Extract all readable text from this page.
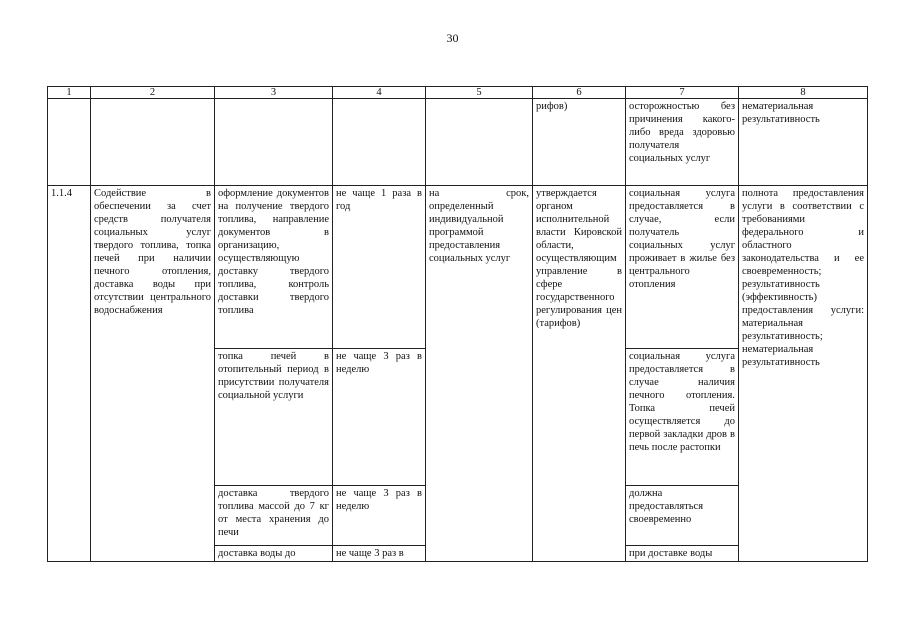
30
1	2	3	4	5	6	7	8
					рифов)	осторожностью без причинения какого-либо вреда здоровью получателя социальных услуг	нематериальная результативность
1.1.4	Содействие в обеспечении за счет средств получателя социальных услуг твердого топлива, топка печей при наличии печного отопления, доставка воды при отсутствии центрального водоснабжения	оформление документов на получение твердого топлива, направление документов в организацию, осуществляющую доставку твердого топлива, контроль доставки твердого топлива	не чаще 1 раза в год	на срок, определенный индивидуальной программой предоставления социальных услуг	утверждается органом исполнительной власти Кировской области, осуществляющим управление в сфере государственного регулирования цен (тарифов)	социальная услуга предоставляется в случае, если получатель социальных услуг проживает в жилье без центрального отопления	полнота предоставления услуги в соответствии с требованиями федерального и областного законодательства и ее своевременность; результативность (эффективность) предоставления услуги: материальная результативность; нематериальная результативность
		топка печей в отопительный период в присутствии получателя социальной услуги	не чаще 3 раз в неделю			социальная услуга предоставляется в случае наличия печного отопления. Топка печей осуществляется до первой закладки дров в печь после растопки	
		доставка твердого топлива массой до 7 кг от места хранения до печи	не чаще 3 раз в неделю			должна предоставляться своевременно	
		доставка воды до	не чаще 3 раз в			при доставке воды	
